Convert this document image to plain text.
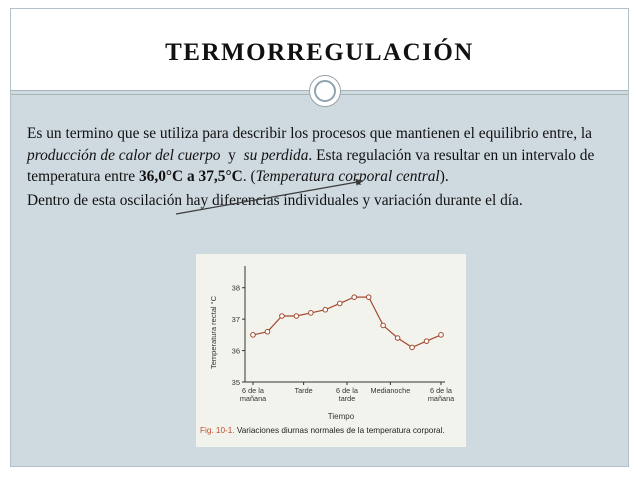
TERMORREGULACIÓN

Es un termino que se utiliza para describir los procesos que mantienen el equilibrio entre, la producción de calor del cuerpo  y  su perdida. Esta regulación va resultar en un intervalo de temperatura entre 36,0°C a 37,5°C. (Temperatura corporal central).

Dentro de esta oscilación hay diferencias individuales y variación durante el día.

35
36
37
38
6 de la mañana
Tarde	6 de la tarde
Medianoche	6 de la mañana
Temperatura rectal °C
Tiempo
Fig. 10-1. Variaciones diurnas normales de la temperatura corporal.
